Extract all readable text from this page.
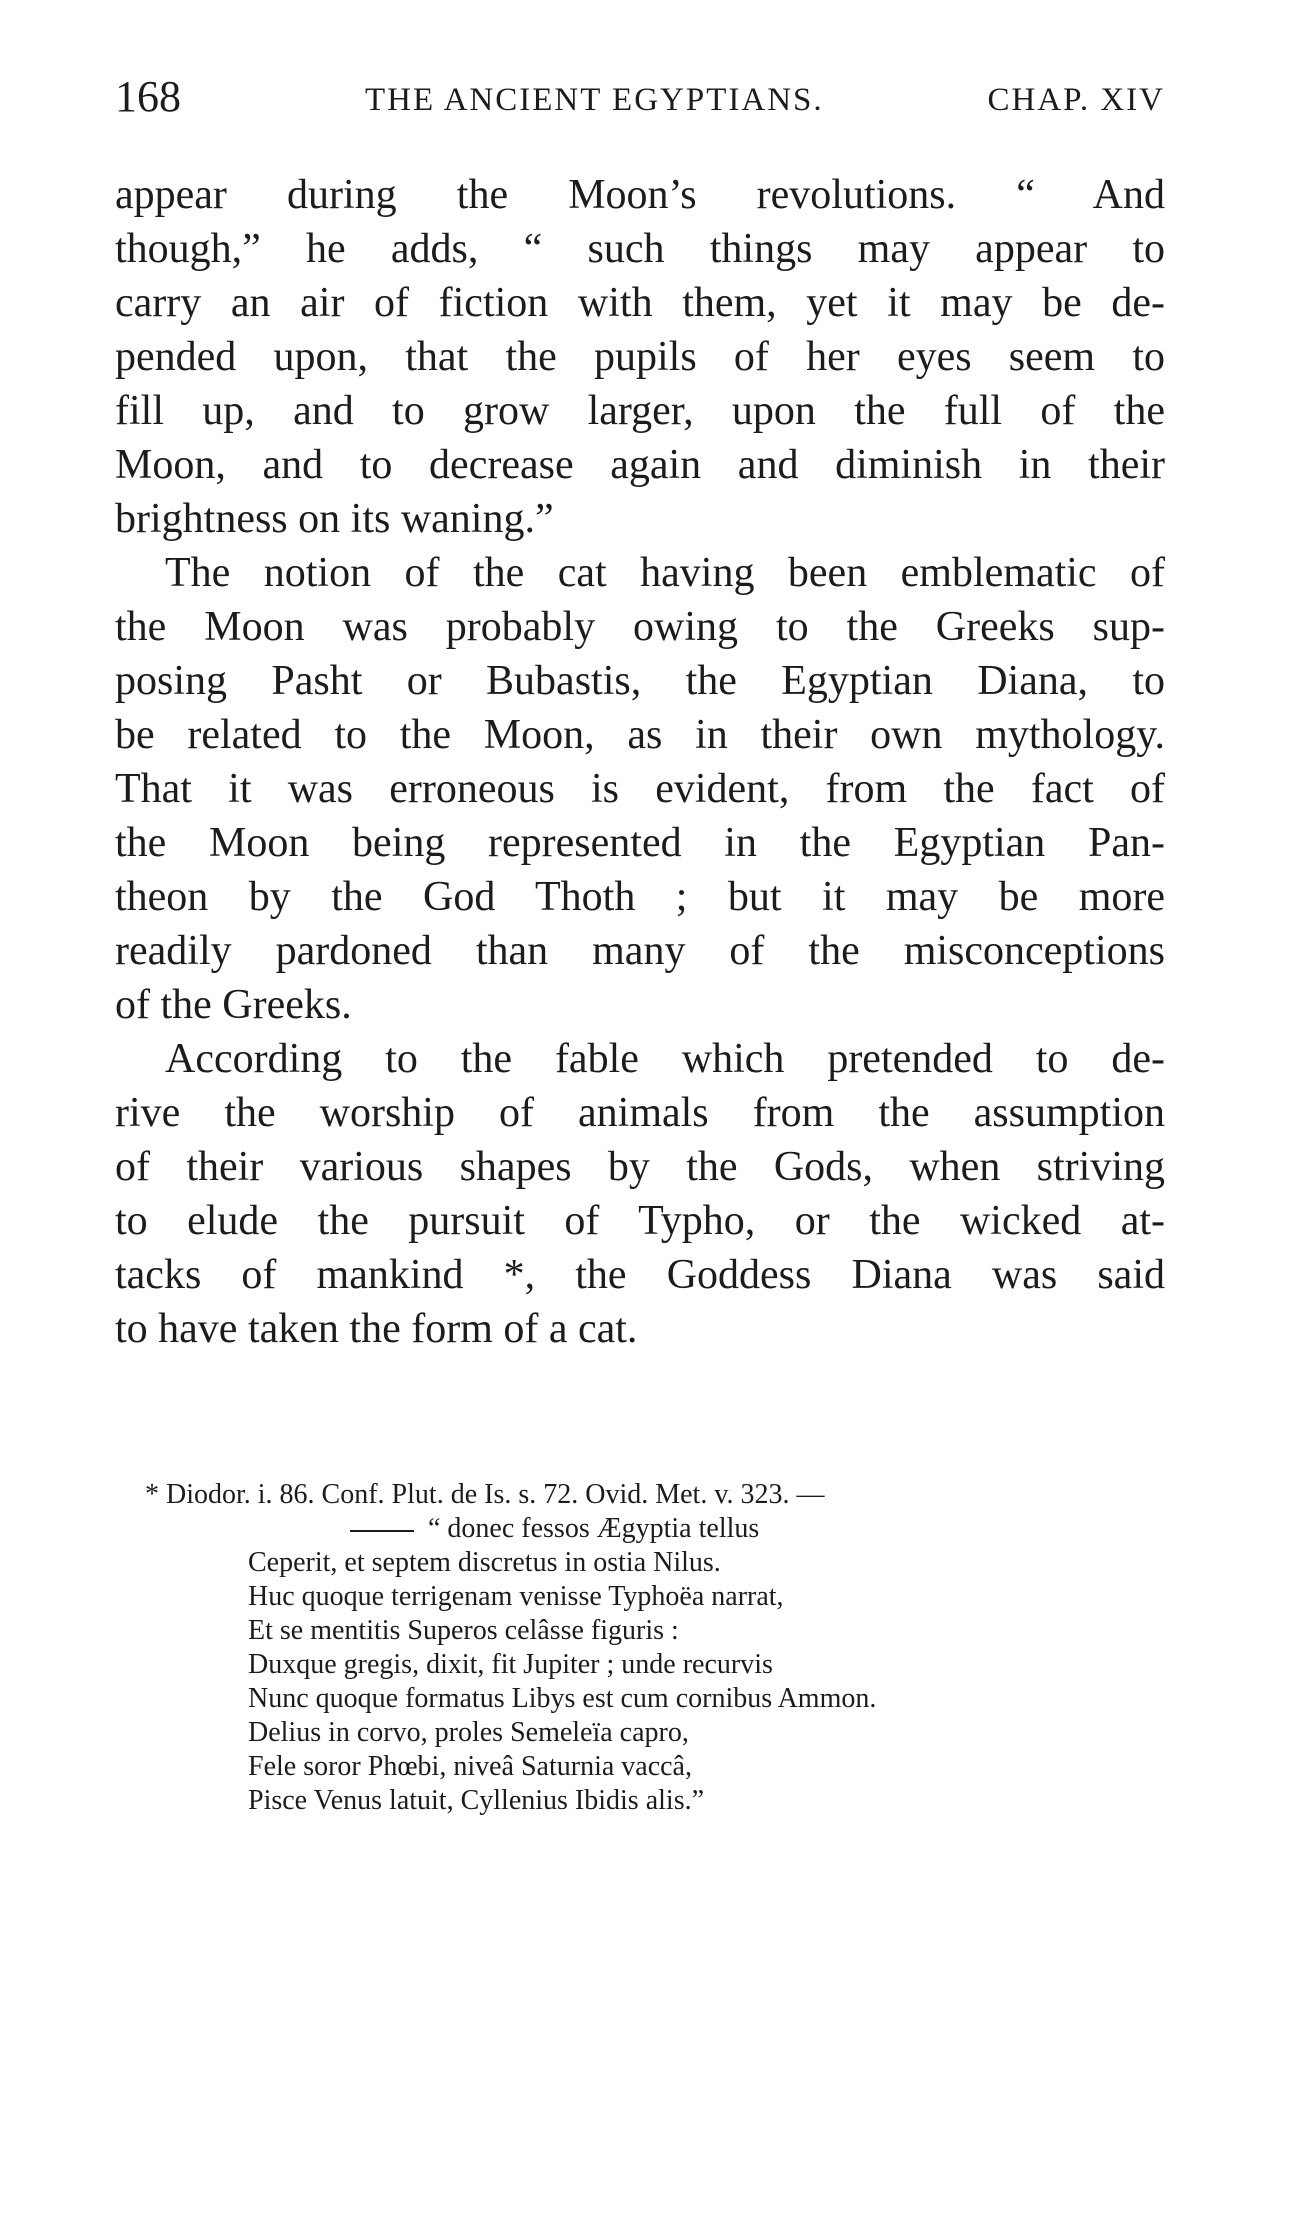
168	THE ANCIENT EGYPTIANS.	CHAP. XIV
appear during the Moon’s revolutions. “ And
though,” he adds, “ such things may appear to
carry an air of fiction with them, yet it may be de-
pended upon, that the pupils of her eyes seem to
fill up, and to grow larger, upon the full of the
Moon, and to decrease again and diminish in their
brightness on its waning.”
The notion of the cat having been emblematic of
the Moon was probably owing to the Greeks sup-
posing Pasht or Bubastis, the Egyptian Diana, to
be related to the Moon, as in their own mythology.
That it was erroneous is evident, from the fact of
the Moon being represented in the Egyptian Pan-
theon by the God Thoth ; but it may be more
readily pardoned than many of the misconceptions
of the Greeks.
According to the fable which pretended to de-
rive the worship of animals from the assumption
of their various shapes by the Gods, when striving
to elude the pursuit of Typho, or the wicked at-
tacks of mankind *, the Goddess Diana was said
to have taken the form of a cat.
* Diodor. i. 86. Conf. Plut. de Is. s. 72. Ovid. Met. v. 323. —
“ donec fessos Ægyptia tellus
Ceperit, et septem discretus in ostia Nilus.
Huc quoque terrigenam venisse Typhoëa narrat,
Et se mentitis Superos celâsse figuris :
Duxque gregis, dixit, fit Jupiter ; unde recurvis
Nunc quoque formatus Libys est cum cornibus Ammon.
Delius in corvo, proles Semeleïa capro,
Fele soror Phœbi, niveâ Saturnia vaccâ,
Pisce Venus latuit, Cyllenius Ibidis alis.”
